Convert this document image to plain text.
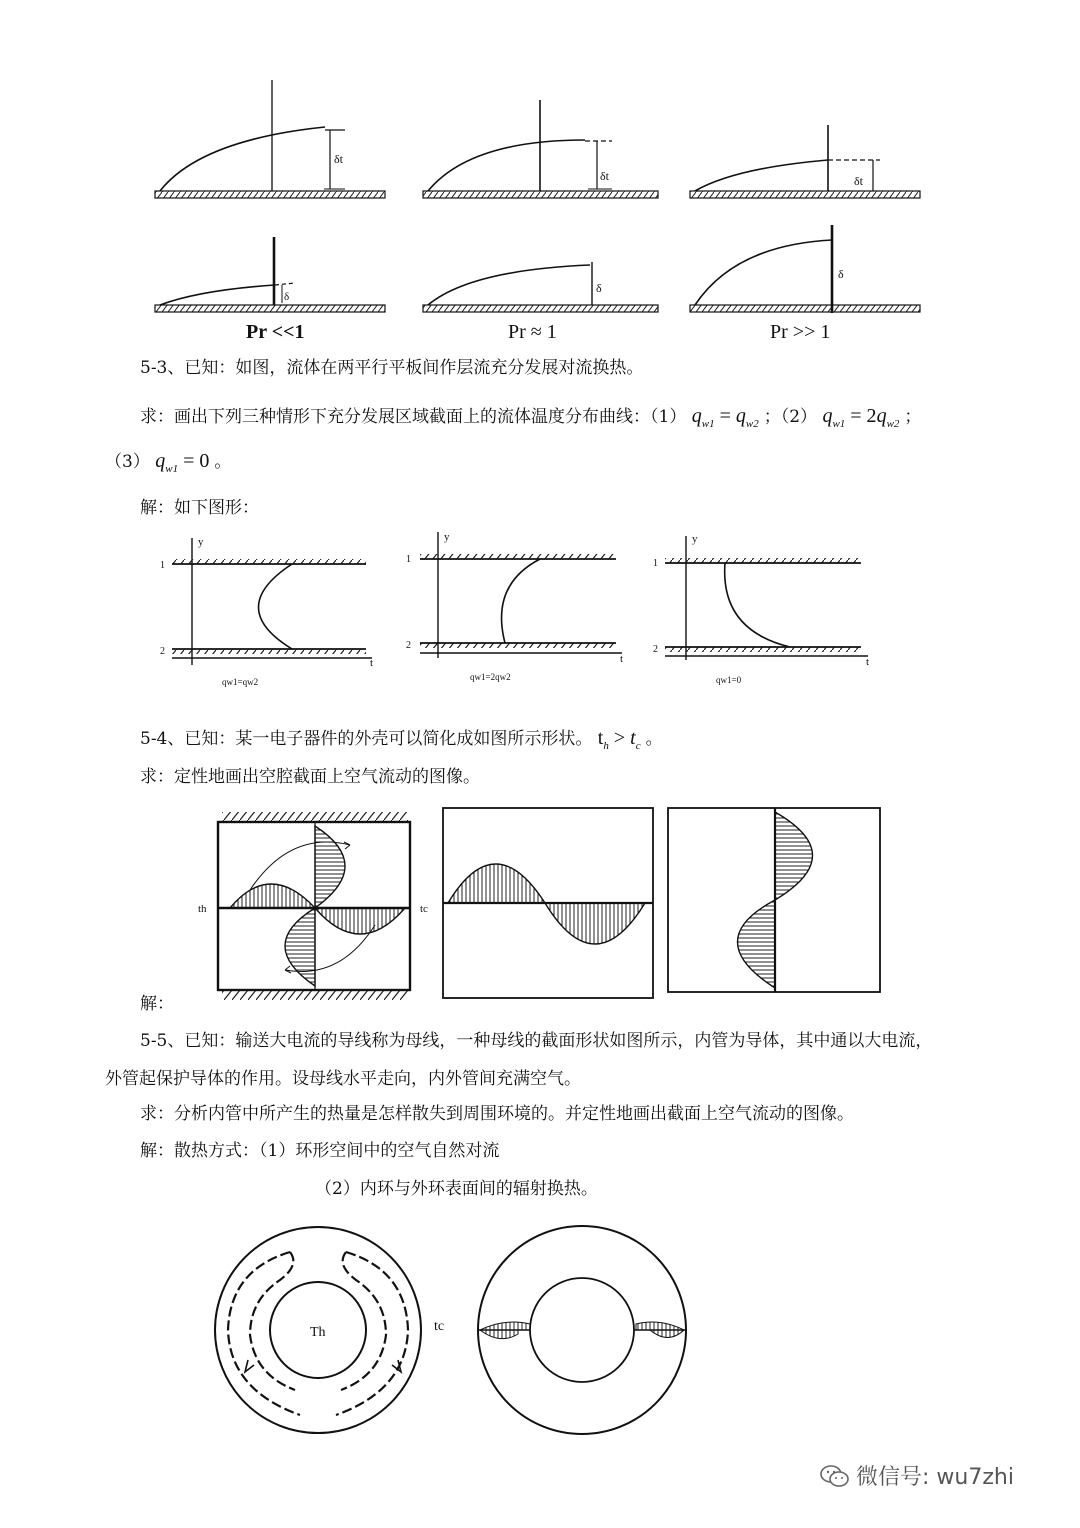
δt
δt	δt
δ
δ
δ
Pr <<1	Pr ≈ 1	Pr >> 1
5-3、已知：如图，流体在两平行平板间作层流充分发展对流换热。
求：画出下列三种情形下充分发展区域截面上的流体温度分布曲线：（1） $q_{w1} = q_{w2}$ ；（2） $q_{w1} = 2q_{w2}$ ；
（3） $q_{w1} = 0$ 。
解：如下图形：
y
t
1
2
qw1=qw2
y
t
1
2
qw1=2qw2
y
t
1
2
qw1=0
5-4、已知：某一电子器件的外壳可以简化成如图所示形状。 $t_h > t_c$ 。
求：定性地画出空腔截面上空气流动的图像。
th	tc
解：
5-5、已知：输送大电流的导线称为母线，一种母线的截面形状如图所示，内管为导体，其中通以大电流，
外管起保护导体的作用。设母线水平走向，内外管间充满空气。
求：分析内管中所产生的热量是怎样散失到周围环境的。并定性地画出截面上空气流动的图像。
解：散热方式：（1）环形空间中的空气自然对流
（2）内环与外环表面间的辐射换热。
Th	tc
微信号: wu7zhi
